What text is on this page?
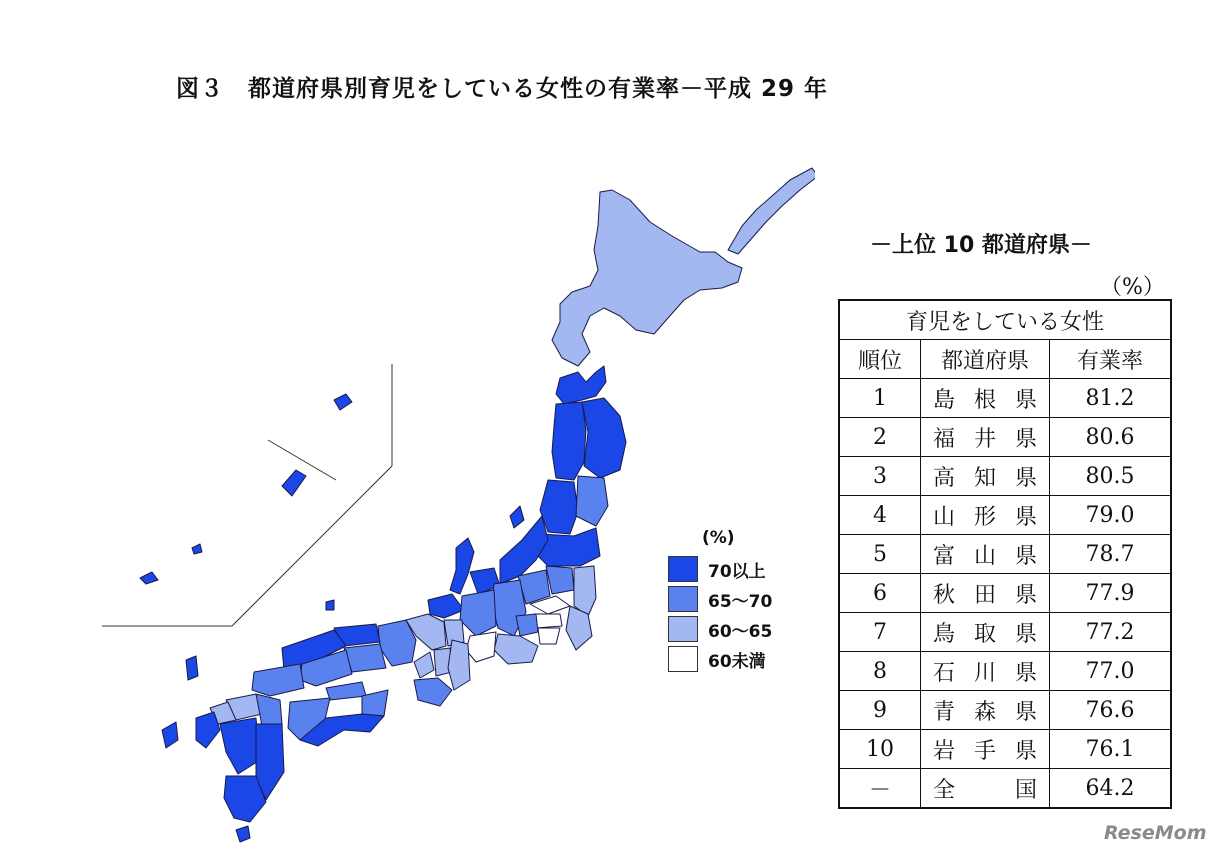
図３　都道府県別育児をしている女性の有業率－平成 29 年
(%)
70以上
65～70
60～65
60未満
－上位 10 都道府県－
（%）
育児をしている女性		
順位	都道府県	有業率
1	島根県	81.2
2	福井県	80.6
3	高知県	80.5
4	山形県	79.0
5	富山県	78.7
6	秋田県	77.9
7	鳥取県	77.2
8	石川県	77.0
9	青森県	76.6
10	岩手県	76.1
－	全　　国	64.2
ReseMom
